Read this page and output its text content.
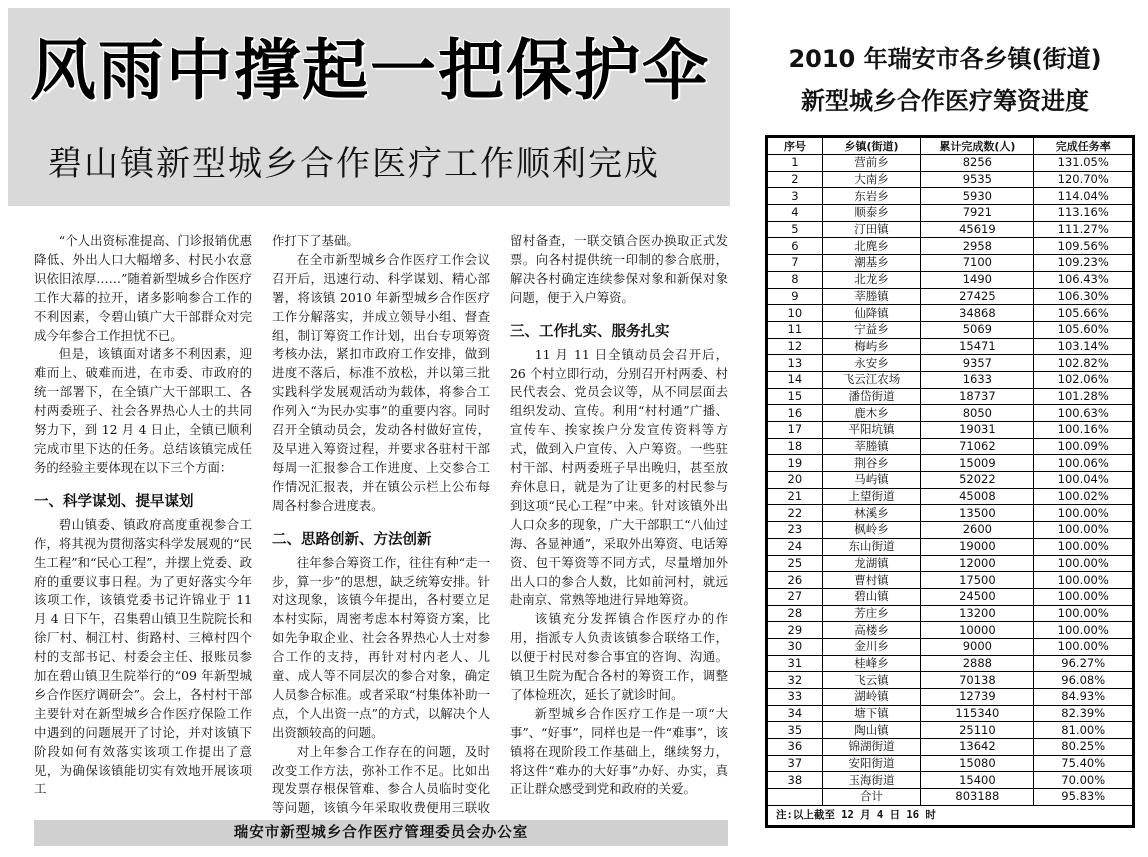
风雨中撑起一把保护伞
碧山镇新型城乡合作医疗工作顺利完成

“个人出资标准提高、门诊报销优惠降低、外出人口大幅增多、村民小农意识依旧浓厚……”随着新型城乡合作医疗工作大幕的拉开，诸多影响参合工作的不利因素，令碧山镇广大干部群众对完成今年参合工作担忧不已。

但是，该镇面对诸多不利因素，迎难而上、破难而进，在市委、市政府的统一部署下，在全镇广大干部职工、各村两委班子、社会各界热心人士的共同努力下，到 12 月 4 日止，全镇已顺利完成市里下达的任务。总结该镇完成任务的经验主要体现在以下三个方面：

一、科学谋划、提早谋划

碧山镇委、镇政府高度重视参合工作，将其视为贯彻落实科学发展观的“民生工程”和“民心工程”，并摆上党委、政府的重要议事日程。为了更好落实今年该项工作，该镇党委书记许锦业于 11 月 4 日下午，召集碧山镇卫生院院长和徐厂村、桐江村、街路村、三樟村四个村的支部书记、村委会主任、报账员参加在碧山镇卫生院举行的“09 年新型城乡合作医疗调研会”。会上，各村村干部主要针对在新型城乡合作医疗保险工作中遇到的问题展开了讨论，并对该镇下阶段如何有效落实该项工作提出了意见，为确保该镇能切实有效地开展该项工

作打下了基础。

在全市新型城乡合作医疗工作会议召开后，迅速行动、科学谋划、精心部署，将该镇 2010 年新型城乡合作医疗工作分解落实，并成立领导小组、督查组，制订筹资工作计划，出台专项筹资考核办法，紧扣市政府工作安排，做到进度不落后，标准不放松，并以第三批实践科学发展观活动为载体，将参合工作列入“为民办实事”的重要内容。同时召开全镇动员会，发动各村做好宣传，及早进入筹资过程，并要求各驻村干部每周一汇报参合工作进度、上交参合工作情况汇报表，并在镇公示栏上公布每周各村参合进度表。

二、思路创新、方法创新

往年参合筹资工作，往往有种“走一步，算一步”的思想，缺乏统筹安排。针对这现象，该镇今年提出，各村要立足本村实际，周密考虑本村筹资方案，比如先争取企业、社会各界热心人士对参合工作的支持，再针对村内老人、儿童、成人等不同层次的参合对象，确定人员参合标准。或者采取“村集体补助一点，个人出资一点”的方式，以解决个人出资额较高的问题。

对上年参合工作存在的问题，及时改变工作方法，弥补工作不足。比如出现发票存根保管难、参合人员临时变化等问题，该镇今年采取收费便用三联收

留村备查，一联交镇合医办换取正式发票。向各村提供统一印制的参合底册，解决各村确定连续参保对象和新保对象问题，便于入户筹资。

三、工作扎实、服务扎实

11 月 11 日全镇动员会召开后，26 个村立即行动，分别召开村两委、村民代表会、党员会议等，从不同层面去组织发动、宣传。利用“村村通”广播、宣传车、挨家挨户分发宣传资料等方式，做到入户宣传、入户筹资。一些驻村干部、村两委班子早出晚归，甚至放弃休息日，就是为了让更多的村民参与到这项“民心工程”中来。针对该镇外出人口众多的现象，广大干部职工“八仙过海、各显神通”，采取外出筹资、电话筹资、包干筹资等不同方式，尽量增加外出人口的参合人数，比如前河村，就远赴南京、常熟等地进行异地筹资。

该镇充分发挥镇合作医疗办的作用，指派专人负责该镇参合联络工作，以便于村民对参合事宜的咨询、沟通。镇卫生院为配合各村的筹资工作，调整了体检班次，延长了就诊时间。

新型城乡合作医疗工作是一项“大事”、“好事”，同样也是一件“难事”，该镇将在现阶段工作基础上，继续努力，将这件“难办的大好事”办好、办实，真正让群众感受到党和政府的关爱。

瑞安市新型城乡合作医疗管理委员会办公室
2010 年瑞安市各乡镇(街道)
新型城乡合作医疗筹资进度
序号	乡镇(街道)	累计完成数(人)	完成任务率
1	营前乡	8256	131.05%
2	大南乡	9535	120.70%
3	东岩乡	5930	114.04%
4	顺泰乡	7921	113.16%
5	汀田镇	45619	111.27%
6	北麂乡	2958	109.56%
7	潮基乡	7100	109.23%
8	北龙乡	1490	106.43%
9	莘塍镇	27425	106.30%
10	仙降镇	34868	105.66%
11	宁益乡	5069	105.60%
12	梅屿乡	15471	103.14%
13	永安乡	9357	102.82%
14	飞云江农场	1633	102.06%
15	潘岱街道	18737	101.28%
16	鹿木乡	8050	100.63%
17	平阳坑镇	19031	100.16%
18	莘塍镇	71062	100.09%
19	荆谷乡	15009	100.06%
20	马屿镇	52022	100.04%
21	上望街道	45008	100.02%
22	林溪乡	13500	100.00%
23	枫岭乡	2600	100.00%
24	东山街道	19000	100.00%
25	龙湖镇	12000	100.00%
26	曹村镇	17500	100.00%
27	碧山镇	24500	100.00%
28	芳庄乡	13200	100.00%
29	高楼乡	10000	100.00%
30	金川乡	9000	100.00%
31	桂峰乡	2888	96.27%
32	飞云镇	70138	96.08%
33	湖岭镇	12739	84.93%
34	塘下镇	115340	82.39%
35	陶山镇	25110	81.00%
36	锦湖街道	13642	80.25%
37	安阳街道	15080	75.40%
38	玉海街道	15400	70.00%
	合计	803188	95.83%
注:以上截至 12 月 4 日 16 时			
